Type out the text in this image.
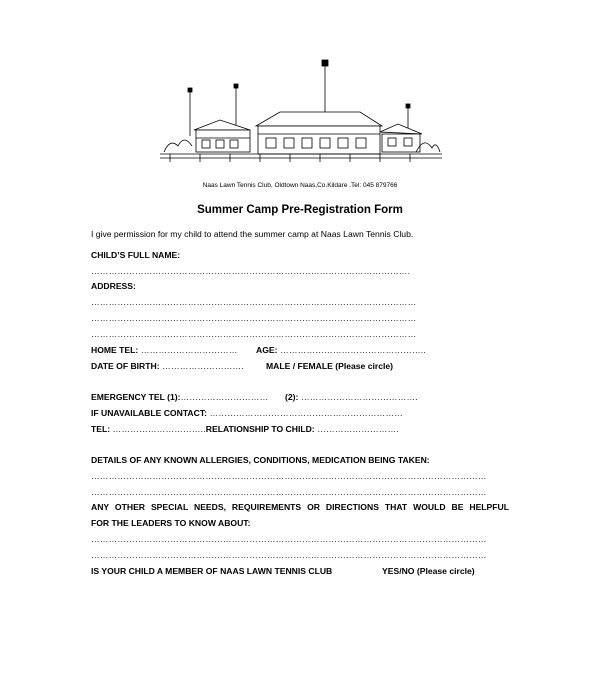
Naas Lawn Tennis Club, Oldtown Naas,Co.Kildare .Tel: 045 879766
Summer Camp Pre-Registration Form
I give permission for my child to attend the summer camp at Naas Lawn Tennis Club.
CHILD’S FULL NAME:
……………………………………………………………………………………………….
ADDRESS:
…………………………………………………………………………………………………
…………………………………………………………………………………………………
…………………………………………………………………………………………………
HOME TEL: …………………………… AGE: …………………………………………..
DATE OF BIRTH: ……………………….	MALE / FEMALE (Please circle)
EMERGENCY TEL (1):………………………… (2): ………………………………….
IF UNAVAILABLE CONTACT: …………………………………………………………
TEL: …………………………..RELATIONSHIP TO CHILD: ……………………….
DETAILS OF ANY KNOWN ALLERGIES, CONDITIONS, MEDICATION BEING TAKEN:
………………………………………………………………………………………………………………………
………………………………………………………………………………………………………………………
ANY OTHER SPECIAL NEEDS, REQUIREMENTS OR DIRECTIONS THAT WOULD BE HELPFUL
FOR THE LEADERS TO KNOW ABOUT:
………………………………………………………………………………………………………………………
………………………………………………………………………………………………………………………
IS YOUR CHILD A MEMBER OF NAAS LAWN TENNIS CLUB	YES/NO (Please circle)
